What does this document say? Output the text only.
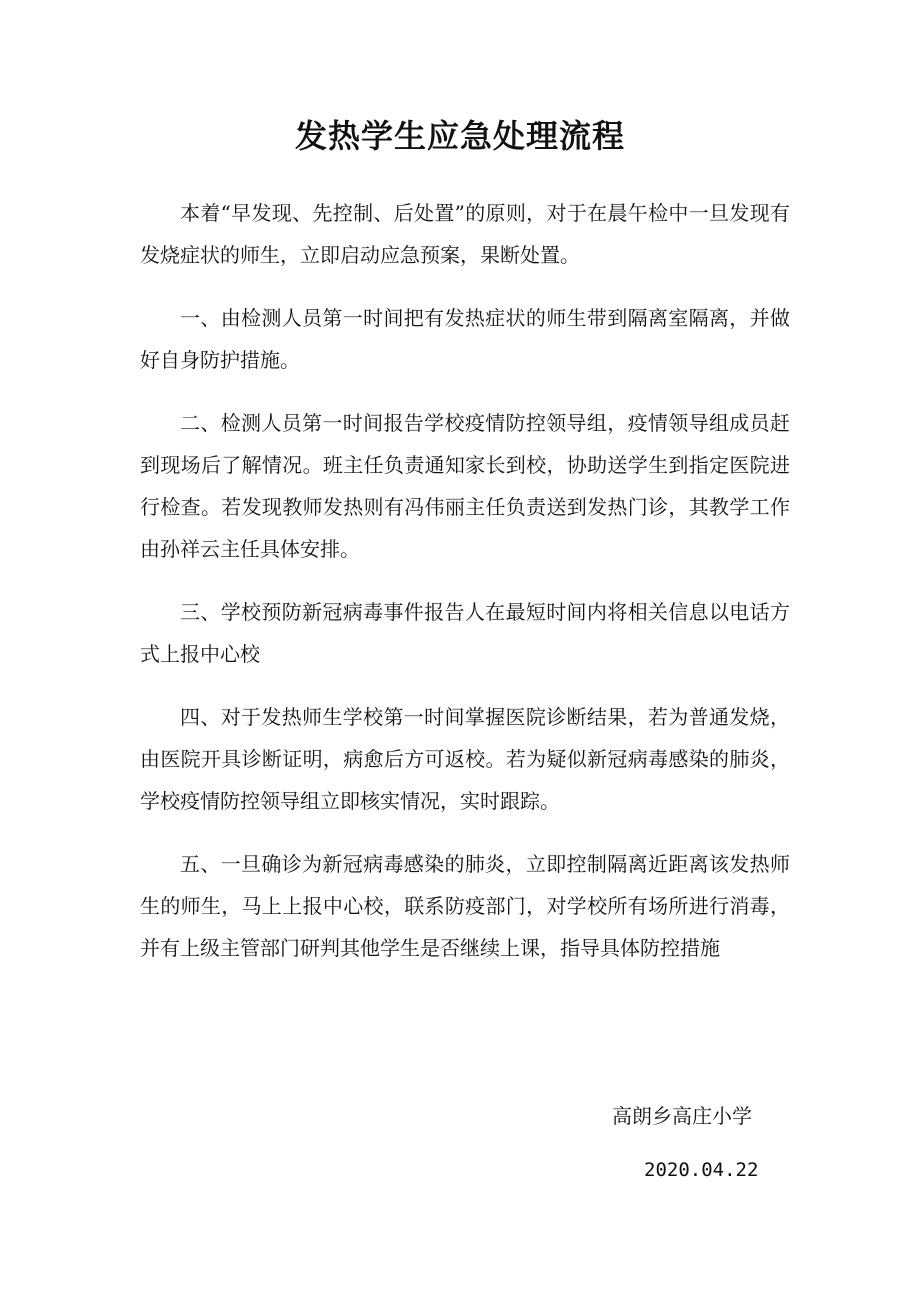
发热学生应急处理流程

本着“早发现、先控制、后处置”的原则，对于在晨午检中一旦发现有发烧症状的师生，立即启动应急预案，果断处置。

一、由检测人员第一时间把有发热症状的师生带到隔离室隔离，并做好自身防护措施。

二、检测人员第一时间报告学校疫情防控领导组，疫情领导组成员赶到现场后了解情况。班主任负责通知家长到校，协助送学生到指定医院进行检查。若发现教师发热则有冯伟丽主任负责送到发热门诊，其教学工作由孙祥云主任具体安排。

三、学校预防新冠病毒事件报告人在最短时间内将相关信息以电话方式上报中心校

四、对于发热师生学校第一时间掌握医院诊断结果，若为普通发烧，由医院开具诊断证明，病愈后方可返校。若为疑似新冠病毒感染的肺炎，学校疫情防控领导组立即核实情况，实时跟踪。

五、一旦确诊为新冠病毒感染的肺炎，立即控制隔离近距离该发热师生的师生，马上上报中心校，联系防疫部门，对学校所有场所进行消毒，并有上级主管部门研判其他学生是否继续上课，指导具体防控措施

高朗乡高庄小学
2020.04.22
